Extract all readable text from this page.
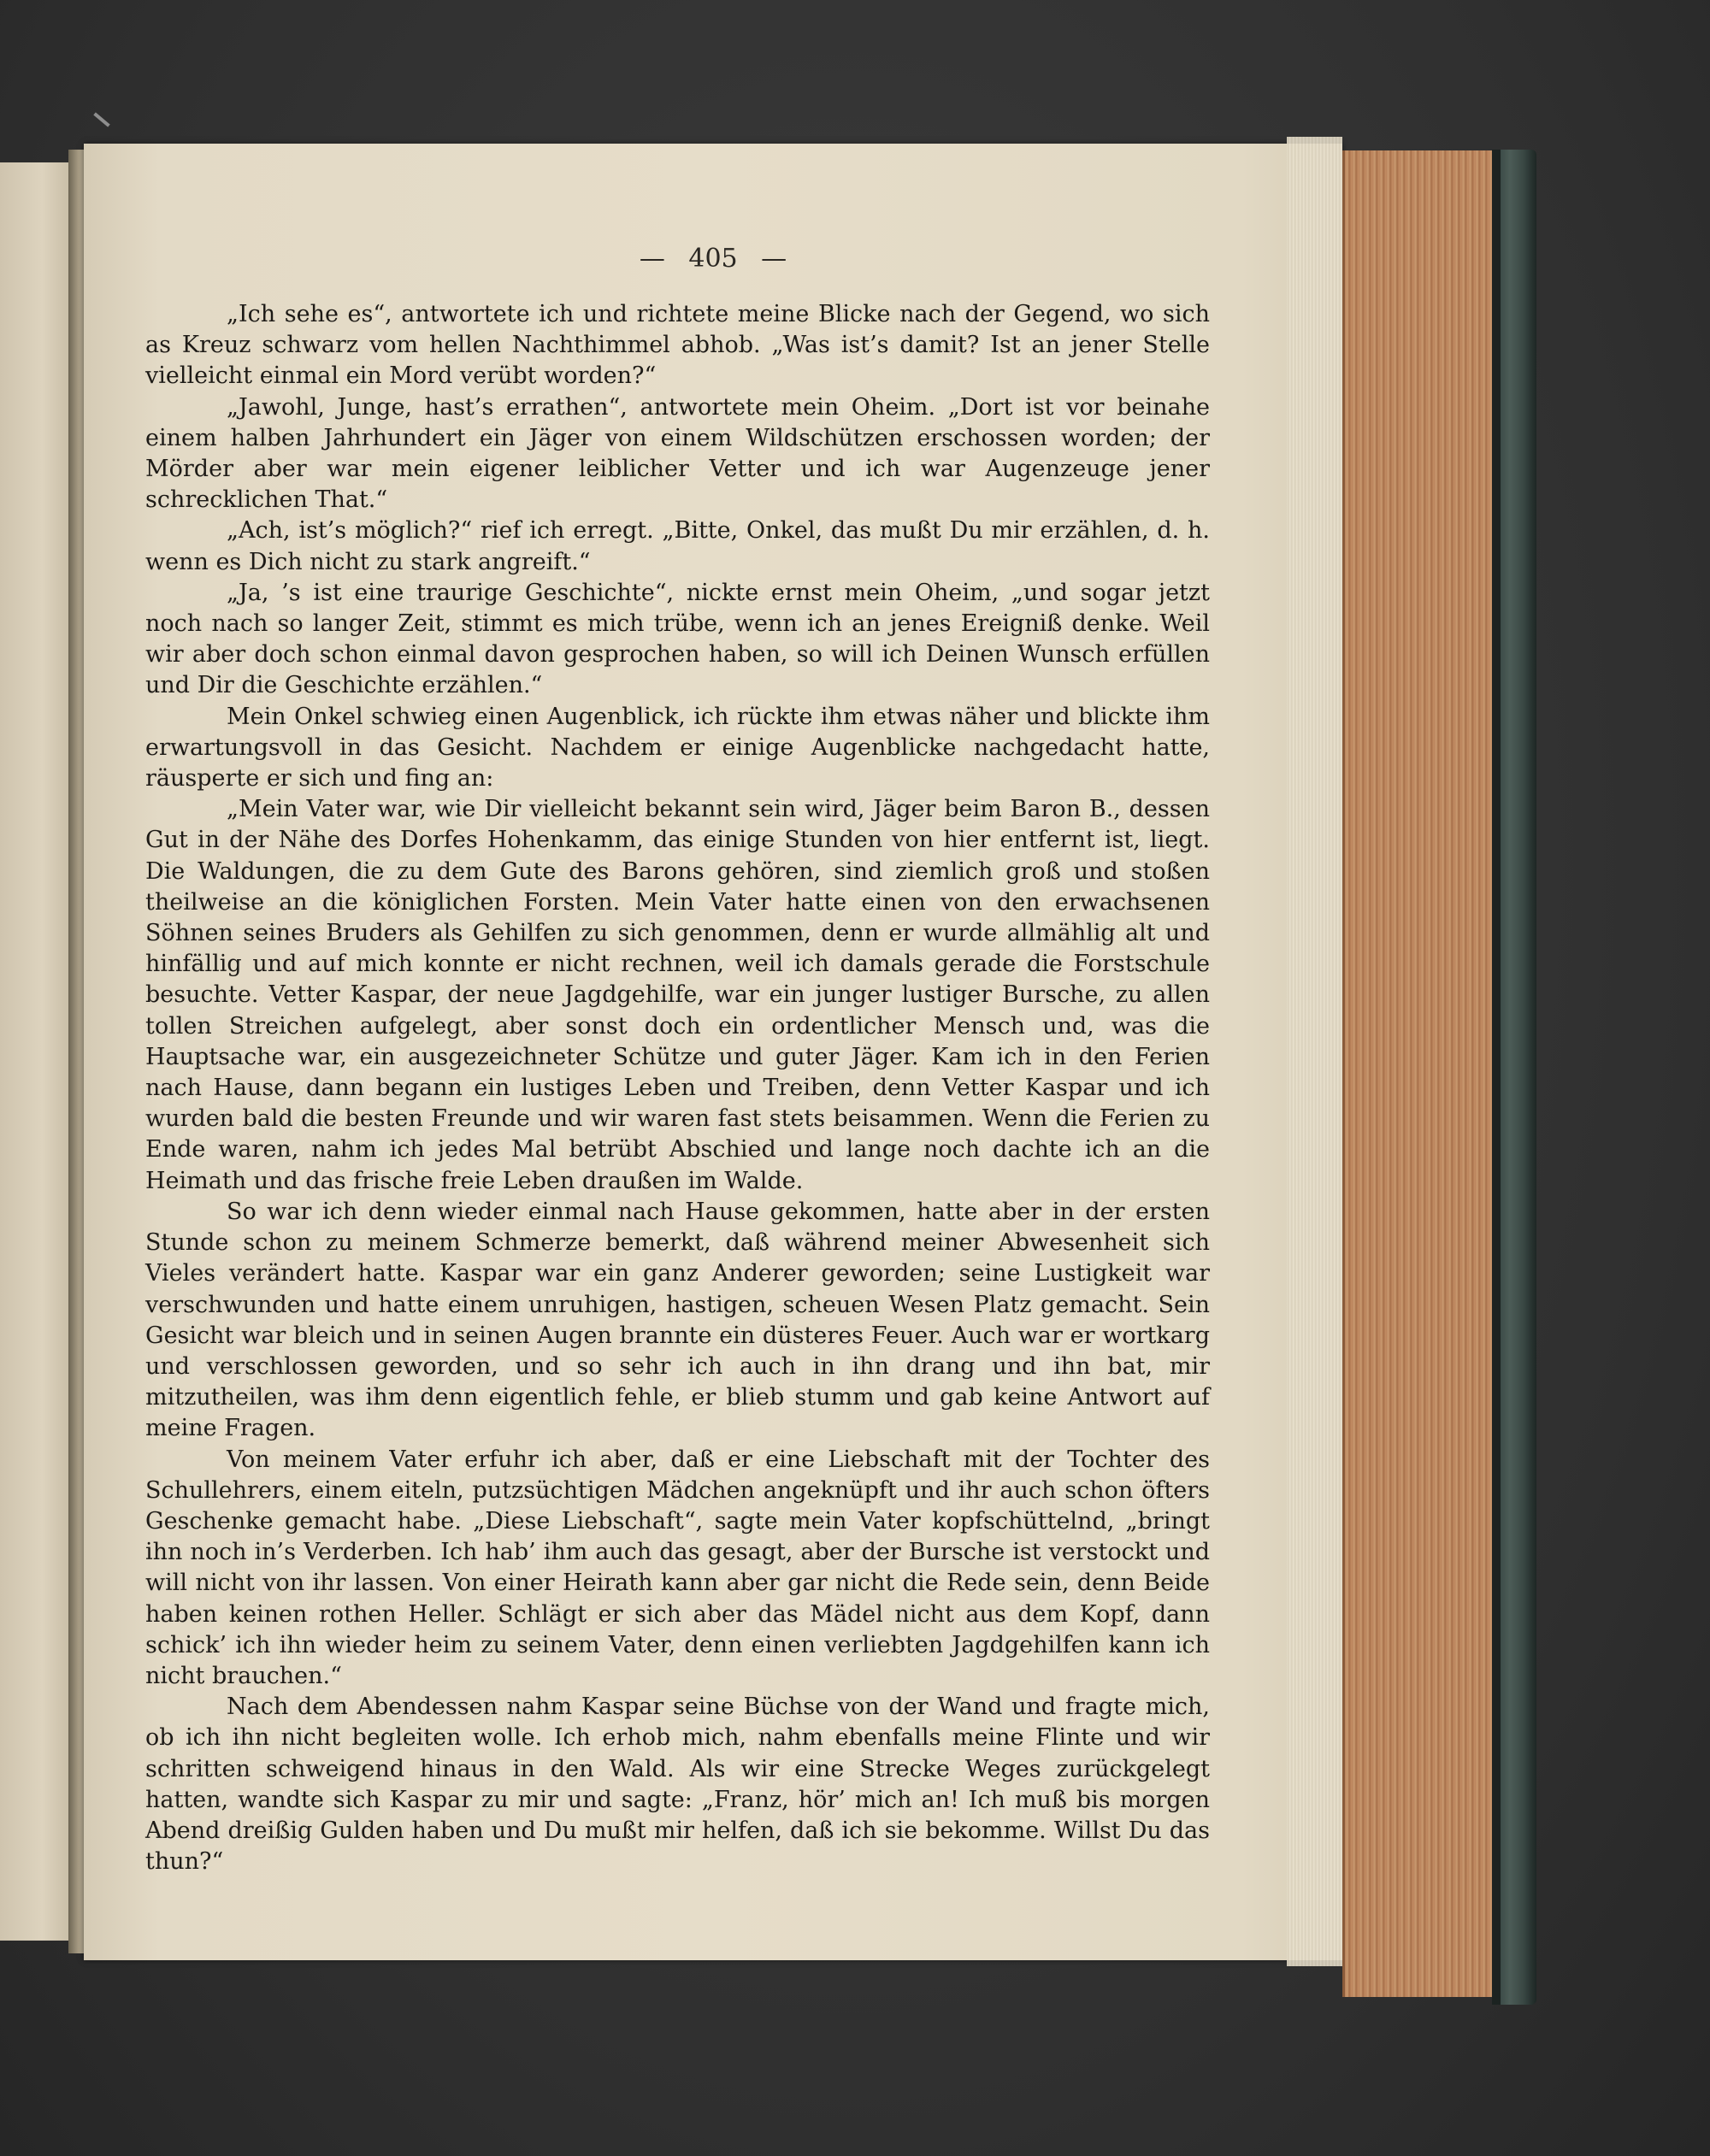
— 405 —

„Ich sehe es“, antwortete ich und richtete meine Blicke nach der Gegend, wo sich as Kreuz schwarz vom hellen Nachthimmel abhob. „Was ist’s damit? Ist an jener Stelle vielleicht einmal ein Mord verübt worden?“

„Jawohl, Junge, hast’s errathen“, antwortete mein Oheim. „Dort ist vor beinahe einem halben Jahrhundert ein Jäger von einem Wildschützen erschossen worden; der Mörder aber war mein eigener leiblicher Vetter und ich war Augenzeuge jener schrecklichen That.“

„Ach, ist’s möglich?“ rief ich erregt. „Bitte, Onkel, das mußt Du mir erzählen, d. h. wenn es Dich nicht zu stark angreift.“

„Ja, ’s ist eine traurige Geschichte“, nickte ernst mein Oheim, „und sogar jetzt noch nach so langer Zeit, stimmt es mich trübe, wenn ich an jenes Ereigniß denke. Weil wir aber doch schon einmal davon gesprochen haben, so will ich Deinen Wunsch erfüllen und Dir die Geschichte erzählen.“

Mein Onkel schwieg einen Augenblick, ich rückte ihm etwas näher und blickte ihm erwartungsvoll in das Gesicht. Nachdem er einige Augenblicke nachgedacht hatte, räusperte er sich und fing an:

„Mein Vater war, wie Dir vielleicht bekannt sein wird, Jäger beim Baron B., dessen Gut in der Nähe des Dorfes Hohenkamm, das einige Stunden von hier entfernt ist, liegt. Die Waldungen, die zu dem Gute des Barons gehören, sind ziemlich groß und stoßen theilweise an die königlichen Forsten. Mein Vater hatte einen von den erwachsenen Söhnen seines Bruders als Gehilfen zu sich genommen, denn er wurde allmählig alt und hinfällig und auf mich konnte er nicht rechnen, weil ich damals gerade die Forstschule besuchte. Vetter Kaspar, der neue Jagdgehilfe, war ein junger lustiger Bursche, zu allen tollen Streichen aufgelegt, aber sonst doch ein ordentlicher Mensch und, was die Hauptsache war, ein ausgezeichneter Schütze und guter Jäger. Kam ich in den Ferien nach Hause, dann begann ein lustiges Leben und Treiben, denn Vetter Kaspar und ich wurden bald die besten Freunde und wir waren fast stets beisammen. Wenn die Ferien zu Ende waren, nahm ich jedes Mal betrübt Abschied und lange noch dachte ich an die Heimath und das frische freie Leben draußen im Walde.

So war ich denn wieder einmal nach Hause gekommen, hatte aber in der ersten Stunde schon zu meinem Schmerze bemerkt, daß während meiner Abwesenheit sich Vieles verändert hatte. Kaspar war ein ganz Anderer geworden; seine Lustigkeit war verschwunden und hatte einem unruhigen, hastigen, scheuen Wesen Platz gemacht. Sein Gesicht war bleich und in seinen Augen brannte ein düsteres Feuer. Auch war er wortkarg und verschlossen geworden, und so sehr ich auch in ihn drang und ihn bat, mir mitzutheilen, was ihm denn eigentlich fehle, er blieb stumm und gab keine Antwort auf meine Fragen.

Von meinem Vater erfuhr ich aber, daß er eine Liebschaft mit der Tochter des Schullehrers, einem eiteln, putzsüchtigen Mädchen angeknüpft und ihr auch schon öfters Geschenke gemacht habe. „Diese Liebschaft“, sagte mein Vater kopfschüttelnd, „bringt ihn noch in’s Verderben. Ich hab’ ihm auch das gesagt, aber der Bursche ist verstockt und will nicht von ihr lassen. Von einer Heirath kann aber gar nicht die Rede sein, denn Beide haben keinen rothen Heller. Schlägt er sich aber das Mädel nicht aus dem Kopf, dann schick’ ich ihn wieder heim zu seinem Vater, denn einen verliebten Jagdgehilfen kann ich nicht brauchen.“

Nach dem Abendessen nahm Kaspar seine Büchse von der Wand und fragte mich, ob ich ihn nicht begleiten wolle. Ich erhob mich, nahm ebenfalls meine Flinte und wir schritten schweigend hinaus in den Wald. Als wir eine Strecke Weges zurückgelegt hatten, wandte sich Kaspar zu mir und sagte: „Franz, hör’ mich an! Ich muß bis morgen Abend dreißig Gulden haben und Du mußt mir helfen, daß ich sie bekomme. Willst Du das thun?“
